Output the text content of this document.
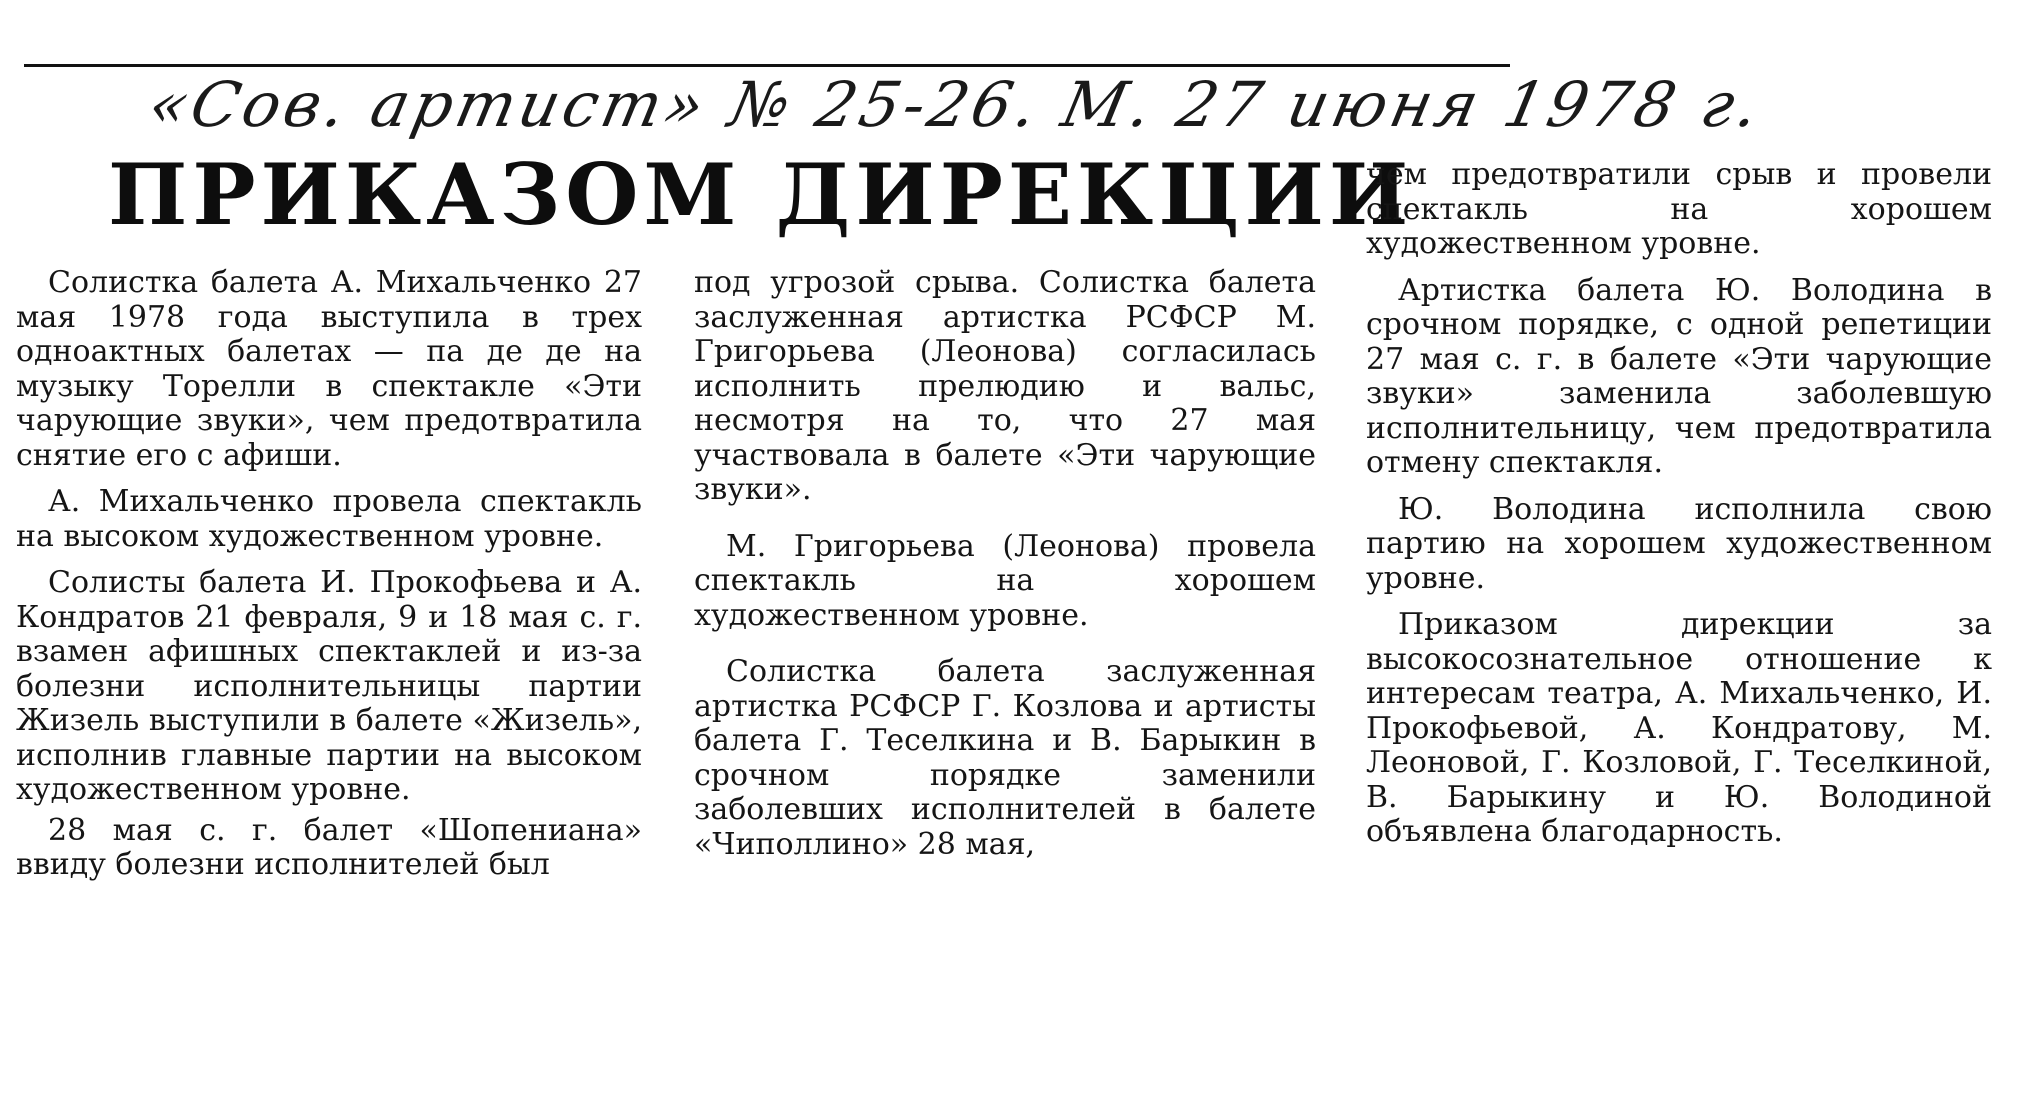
«Сов. артист» № 25-26. М. 27 июня 1978 г.
ПРИКАЗОМ ДИРЕКЦИИ

Солистка балета А. Михальченко 27 мая 1978 года выступила в трех одноактных балетах — па де де на музыку Торелли в спектакле «Эти чарующие звуки», чем предотвратила снятие его с афиши.

А. Михальченко провела спектакль на высоком художественном уровне.

Солисты балета И. Прокофьева и А. Кондратов 21 февраля, 9 и 18 мая с. г. взамен афишных спектаклей и из-за болезни исполнительницы партии Жизель выступили в балете «Жизель», исполнив главные партии на высоком художественном уровне.

28 мая с. г. балет «Шопениана» ввиду болезни исполнителей был

под угрозой срыва. Солистка балета заслуженная артистка РСФСР М. Григорьева (Леонова) согласилась исполнить прелюдию и вальс, несмотря на то, что 27 мая участвовала в балете «Эти чарующие звуки».

М. Григорьева (Леонова) провела спектакль на хорошем художественном уровне.

Солистка балета заслуженная артистка РСФСР Г. Козлова и артисты балета Г. Теселкина и В. Барыкин в срочном порядке заменили заболевших исполнителей в балете «Чиполлино» 28 мая,

чем предотвратили срыв и провели спектакль на хорошем художественном уровне.

Артистка балета Ю. Володина в срочном порядке, с одной репетиции 27 мая с. г. в балете «Эти чарующие звуки» заменила заболевшую исполнительницу, чем предотвратила отмену спектакля.

Ю. Володина исполнила свою партию на хорошем художественном уровне.

Приказом дирекции за высокосознательное отношение к интересам театра, А. Михальченко, И. Прокофьевой, А. Кондратову, М. Леоновой, Г. Козловой, Г. Теселкиной, В. Барыкину и Ю. Володиной объявлена благодарность.
